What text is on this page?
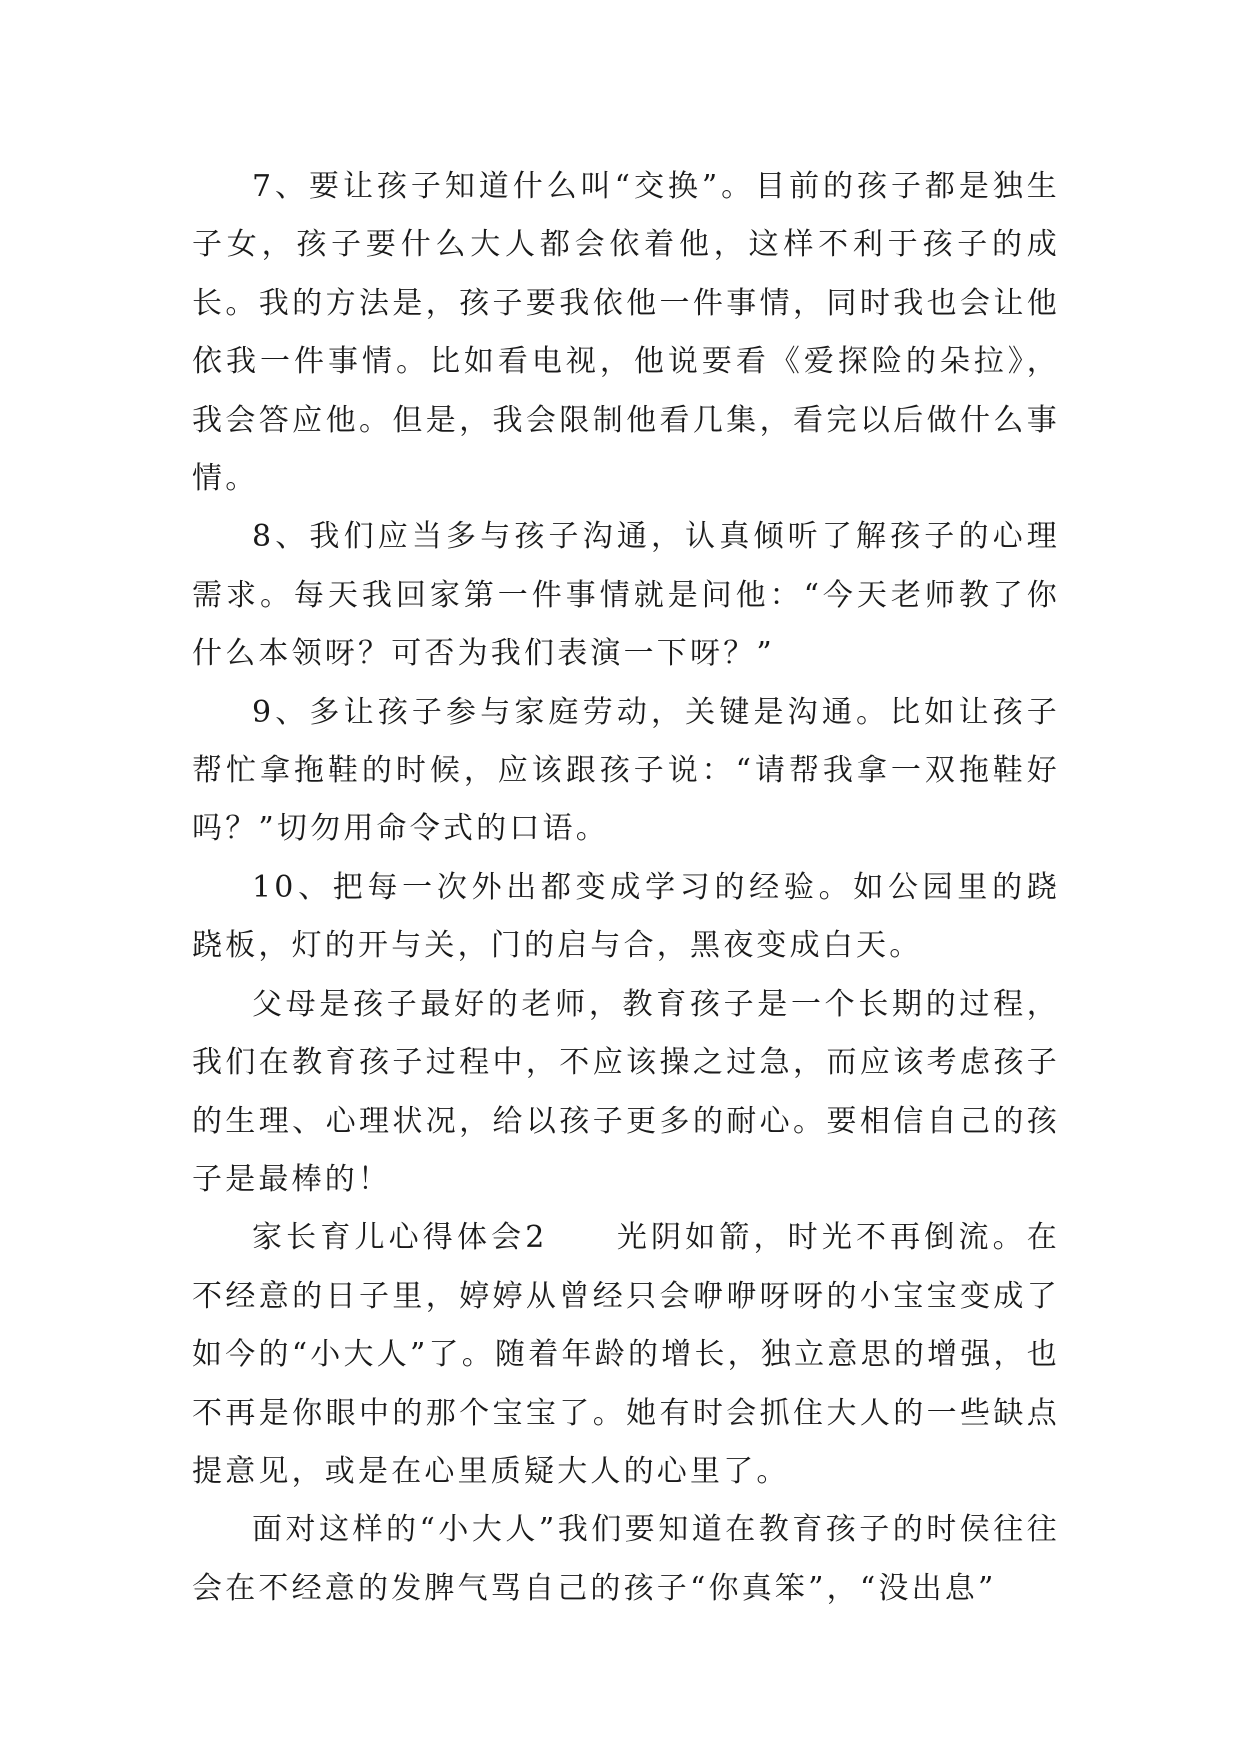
7、要让孩子知道什么叫“交换”。目前的孩子都是独生子女，孩子要什么大人都会依着他，这样不利于孩子的成长。我的方法是，孩子要我依他一件事情，同时我也会让他依我一件事情。比如看电视，他说要看《爱探险的朵拉》，我会答应他。但是，我会限制他看几集，看完以后做什么事情。

8、我们应当多与孩子沟通，认真倾听了解孩子的心理需求。每天我回家第一件事情就是问他：“今天老师教了你什么本领呀？可否为我们表演一下呀？”

9、多让孩子参与家庭劳动，关键是沟通。比如让孩子帮忙拿拖鞋的时候，应该跟孩子说：“请帮我拿一双拖鞋好吗？”切勿用命令式的口语。

10、把每一次外出都变成学习的经验。如公园里的跷跷板，灯的开与关，门的启与合，黑夜变成白天。

父母是孩子最好的老师，教育孩子是一个长期的过程，我们在教育孩子过程中，不应该操之过急，而应该考虑孩子的生理、心理状况，给以孩子更多的耐心。要相信自己的孩子是最棒的！

家长育儿心得体会2　　光阴如箭，时光不再倒流。在不经意的日子里，婷婷从曾经只会咿咿呀呀的小宝宝变成了如今的“小大人”了。随着年龄的增长，独立意思的增强，也不再是你眼中的那个宝宝了。她有时会抓住大人的一些缺点提意见，或是在心里质疑大人的心里了。

面对这样的“小大人”我们要知道在教育孩子的时侯往往会在不经意的发脾气骂自己的孩子“你真笨”，“没出息”
